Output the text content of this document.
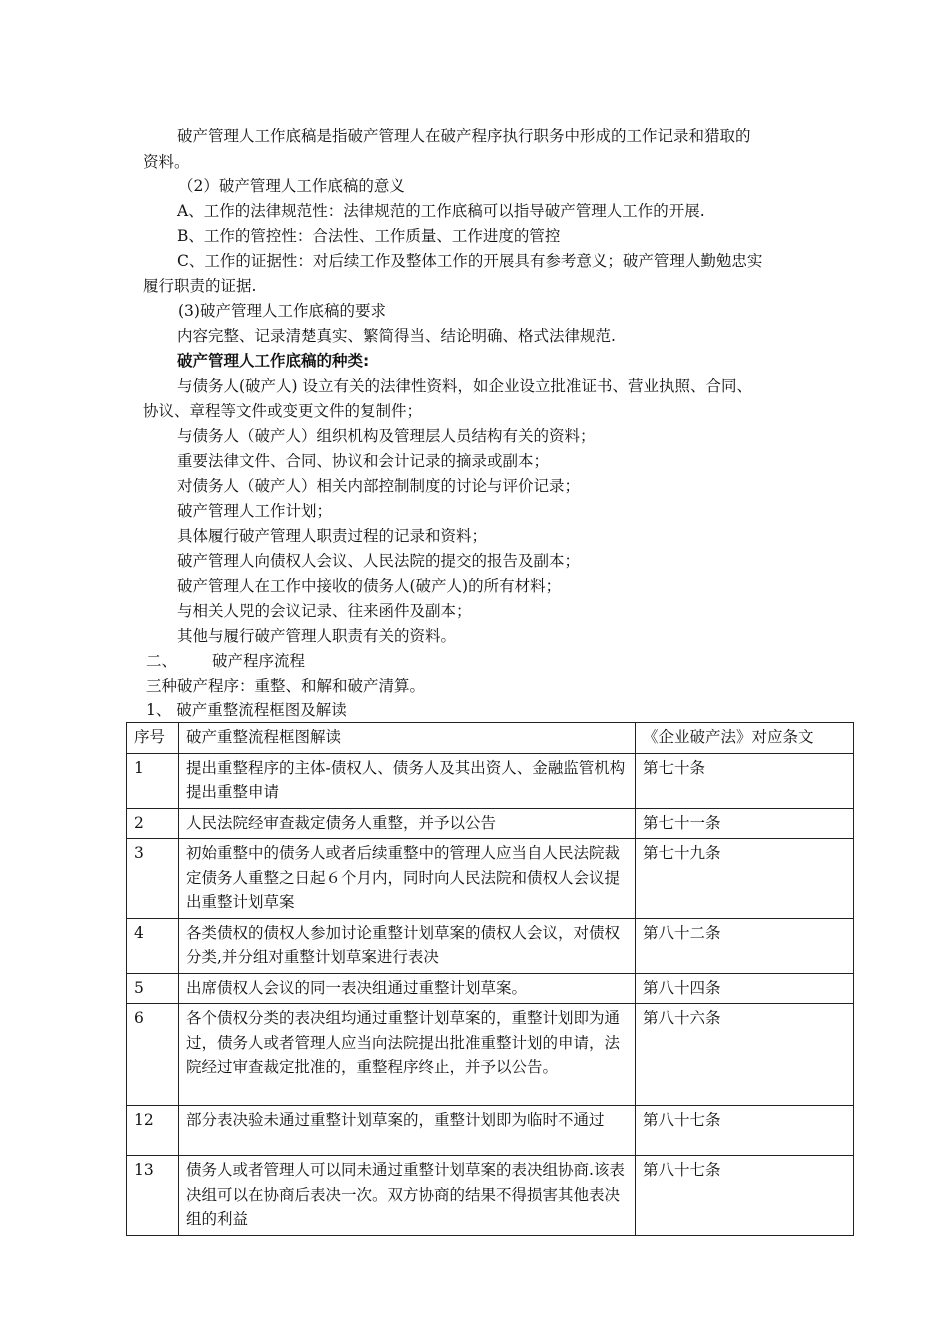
破产管理人工作底稿是指破产管理人在破产程序执行职务中形成的工作记录和猎取的
资料。
（2）破产管理人工作底稿的意义
A、工作的法律规范性：法律规范的工作底稿可以指导破产管理人工作的开展.
B、工作的管控性：合法性、工作质量、工作进度的管控
C、工作的证据性：对后续工作及整体工作的开展具有参考意义；破产管理人勤勉忠实
履行职责的证据.
(3)破产管理人工作底稿的要求
内容完整、记录清楚真实、繁简得当、结论明确、格式法律规范.
破产管理人工作底稿的种类:
与债务人(破产人) 设立有关的法律性资料，如企业设立批准证书、营业执照、合同、
协议、章程等文件或变更文件的复制件；
与债务人（破产人）组织机构及管理层人员结构有关的资料；
重要法律文件、合同、协议和会计记录的摘录或副本；
对债务人（破产人）相关内部控制制度的讨论与评价记录；
破产管理人工作计划；
具体履行破产管理人职责过程的记录和资料；
破产管理人向债权人会议、人民法院的提交的报告及副本；
破产管理人在工作中接收的债务人(破产人)的所有材料；
与相关人兕的会议记录、往来函件及副本；
其他与履行破产管理人职责有关的资料。
二、 破产程序流程
三种破产程序：重整、和解和破产清算。
1、 破产重整流程框图及解读
序号	破产重整流程框图解读	《企业破产法》对应条文
1	提出重整程序的主体-债权人、债务人及其出资人、金融监管机构提出重整申请	第七十条
2	人民法院经审查裁定债务人重整，并予以公告	第七十一条
3	初始重整中的债务人或者后续重整中的管理人应当自人民法院裁定债务人重整之日起６个月内，同时向人民法院和债权人会议提出重整计划草案	第七十九条
4	各类债权的债权人参加讨论重整计划草案的债权人会议，对债权分类,并分组对重整计划草案进行表决	第八十二条
5	出席债权人会议的同一表决组通过重整计划草案。	第八十四条
6	各个债权分类的表决组均通过重整计划草案的，重整计划即为通过，债务人或者管理人应当向法院提出批准重整计划的申请，法院经过审查裁定批准的，重整程序终止，并予以公告。	第八十六条
12	部分表决验未通过重整计划草案的，重整计划即为临时不通过	第八十七条
13	债务人或者管理人可以同未通过重整计划草案的表决组协商.该表决组可以在协商后表决一次。双方协商的结果不得损害其他表决组的利益	第八十七条
